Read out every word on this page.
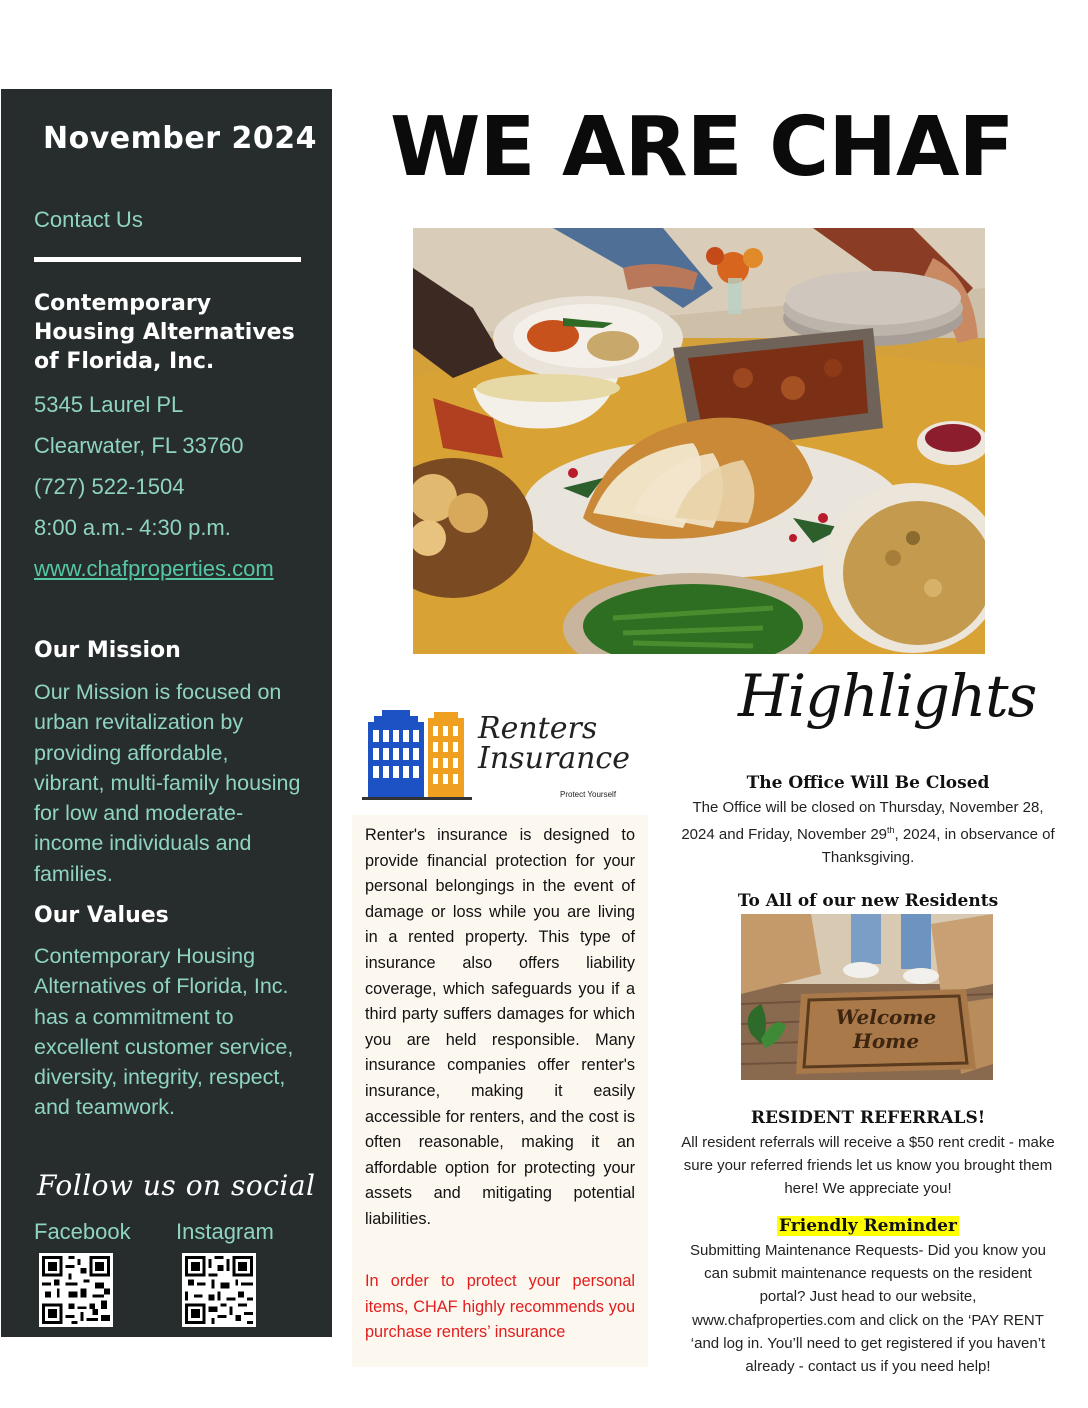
November 2024
Contact Us
Contemporary Housing Alternatives of Florida, Inc.
5345 Laurel PL
Clearwater, FL 33760
(727) 522-1504
8:00 a.m.- 4:30 p.m.
www.chafproperties.com
Our Mission
Our Mission is focused on urban revitalization by providing affordable, vibrant, multi-family housing for low and moderate-income individuals and families.
Our Values
Contemporary Housing Alternatives of Florida, Inc. has a commitment to excellent customer service, diversity, integrity, respect, and teamwork.
Follow us on social
Facebook Instagram
WE ARE CHAF
Renters
Insurance
Protect Yourself
Renter's insurance is designed to provide financial protection for your personal belongings in the event of damage or loss while you are living in a rented property. This type of insurance also offers liability coverage, which safeguards you if a third party suffers damages for which you are held responsible. Many insurance companies offer renter's insurance, making it easily accessible for renters, and the cost is often reasonable, making it an affordable option for protecting your assets and mitigating potential liabilities.
In order to protect your personal items, CHAF highly recommends you purchase renters’ insurance
Highlights
The Office Will Be Closed
The Office will be closed on Thursday, November 28, 2024 and Friday, November 29th, 2024, in observance of Thanksgiving.
To All of our new Residents
Welcome
Home
RESIDENT REFERRALS!
All resident referrals will receive a $50 rent credit - make sure your referred friends let us know you brought them here! We appreciate you!
Friendly Reminder
Submitting Maintenance Requests- Did you know you can submit maintenance requests on the resident portal? Just head to our website, www.chafproperties.com and click on the ‘PAY RENT ‘and log in. You’ll need to get registered if you haven’t already - contact us if you need help!
